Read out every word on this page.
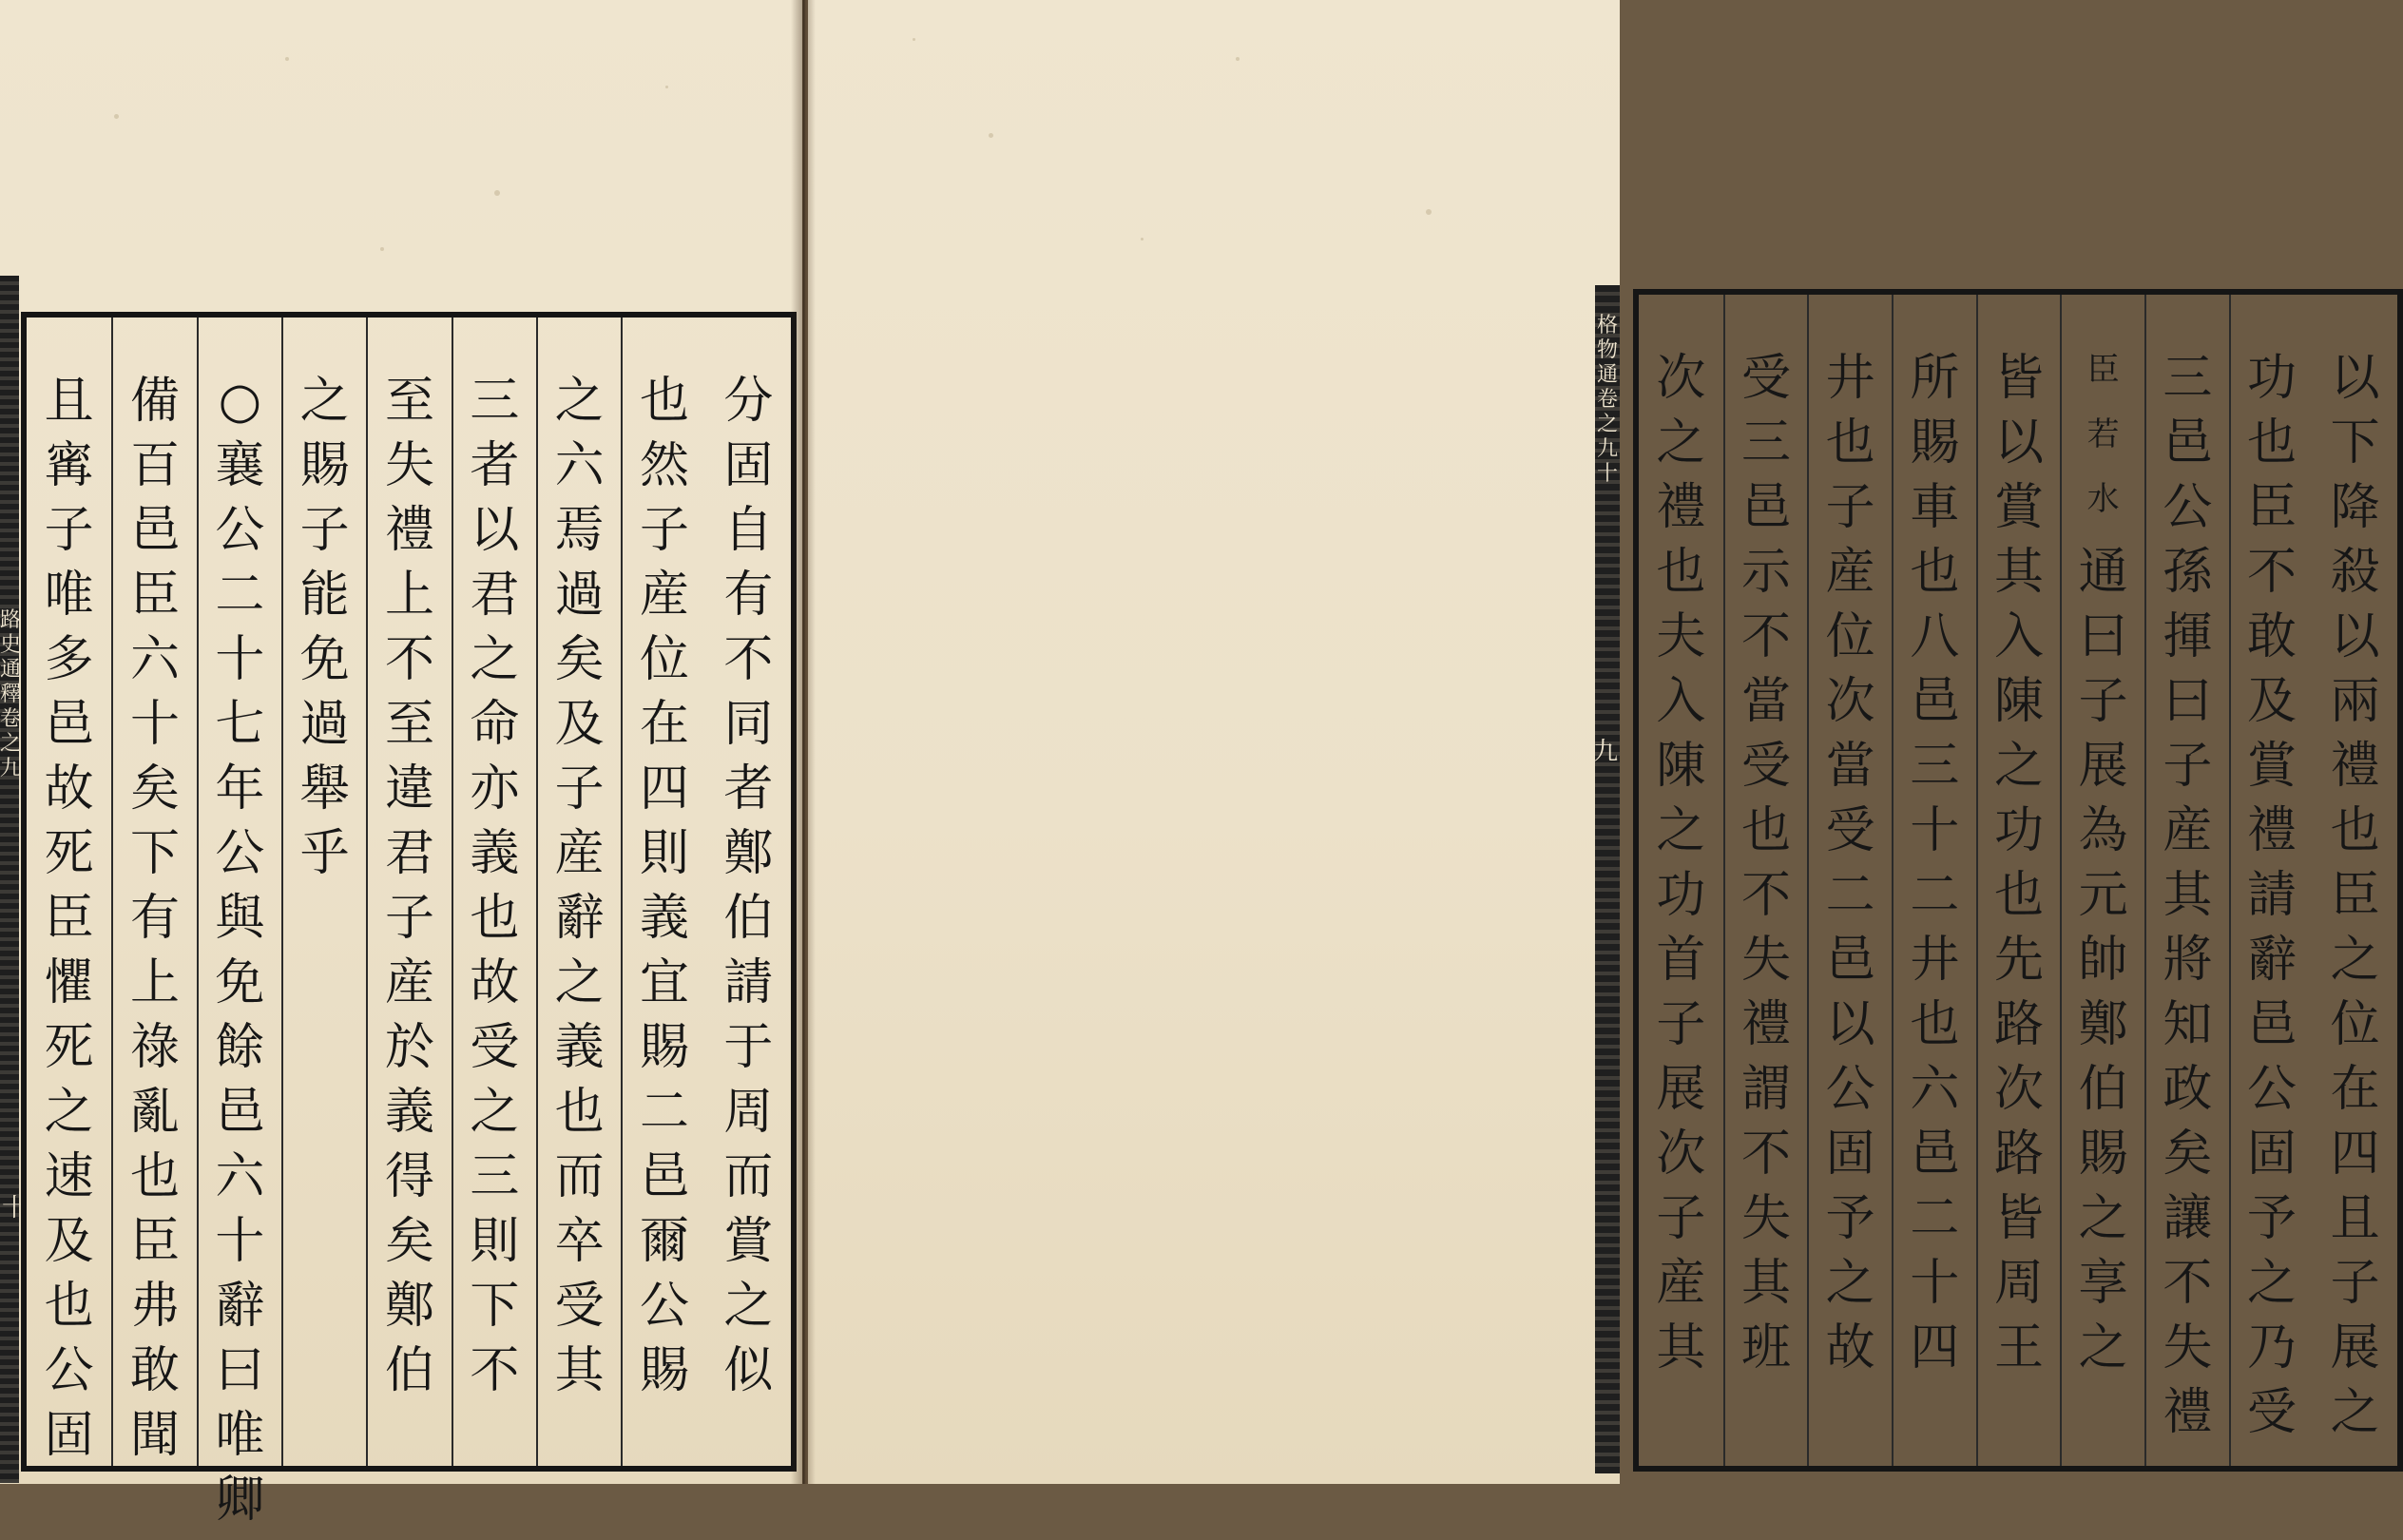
路史通釋卷之九
十
分
固
自
有
不
同
者
鄭
伯
請
于
周
而
賞
之
似
也
然
子
産
位
在
四
則
義
宜
賜
二
邑
爾
公
賜
之
六
焉
過
矣
及
子
産
辭
之
義
也
而
卒
受
其
三
者
以
君
之
命
亦
義
也
故
受
之
三
則
下
不
至
失
禮
上
不
至
違
君
子
産
於
義
得
矣
鄭
伯
之
賜
子
能
免
過
舉
乎
○
襄
公
二
十
七
年
公
與
免
餘
邑
六
十
辭
曰
唯
卿
備
百
邑
臣
六
十
矣
下
有
上
祿
亂
也
臣
弗
敢
聞
且
寗
子
唯
多
邑
故
死
臣
懼
死
之
速
及
也
公
固
以
下
降
殺
以
兩
禮
也
臣
之
位
在
四
且
子
展
之
功
也
臣
不
敢
及
賞
禮
請
辭
邑
公
固
予
之
乃
受
三
邑
公
孫
揮
曰
子
産
其
將
知
政
矣
讓
不
失
禮
臣
若
水
通
曰
子
展
為
元
帥
鄭
伯
賜
之
享
之
皆
以
賞
其
入
陳
之
功
也
先
路
次
路
皆
周
王
所
賜
車
也
八
邑
三
十
二
井
也
六
邑
二
十
四
井
也
子
産
位
次
當
受
二
邑
以
公
固
予
之
故
受
三
邑
示
不
當
受
也
不
失
禮
謂
不
失
其
班
次
之
禮
也
夫
入
陳
之
功
首
子
展
次
子
産
其
格物通卷之九十
九
